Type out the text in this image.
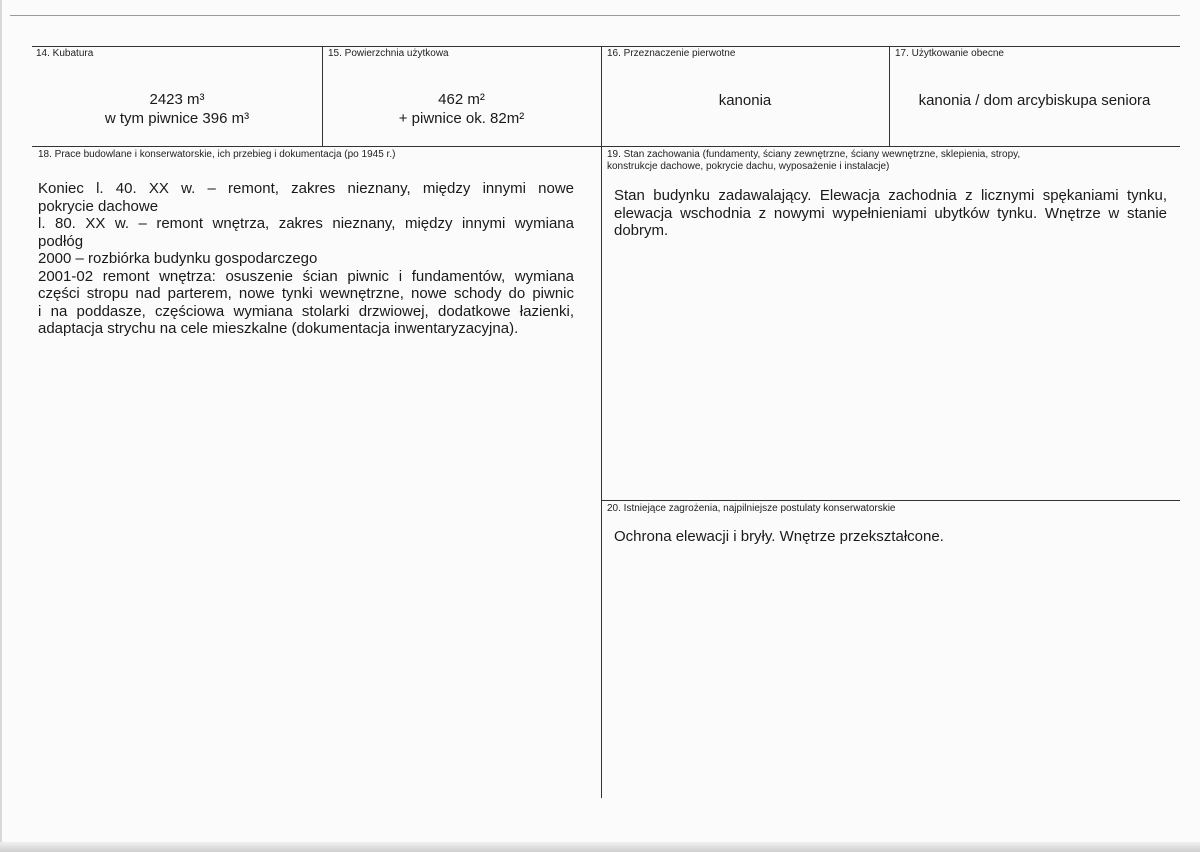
14. Kubatura
2423 m³
w tym piwnice 396 m³
15. Powierzchnia użytkowa
462 m²
+ piwnice ok. 82m²
16. Przeznaczenie pierwotne
kanonia
17. Użytkowanie obecne
kanonia / dom arcybiskupa seniora
18. Prace budowlane i konserwatorskie, ich przebieg i dokumentacja (po 1945 r.)
Koniec l. 40. XX w. – remont, zakres nieznany, między innymi nowe
pokrycie dachowe
l. 80. XX w. – remont wnętrza, zakres nieznany, między innymi wymiana
podłóg
2000 – rozbiórka budynku gospodarczego
2001-02 remont wnętrza: osuszenie ścian piwnic i fundamentów, wymiana
części stropu nad parterem, nowe tynki wewnętrzne, nowe schody do piwnic
i na poddasze, częściowa wymiana stolarki drzwiowej, dodatkowe łazienki,
adaptacja strychu na cele mieszkalne (dokumentacja inwentaryzacyjna).
19. Stan zachowania (fundamenty, ściany zewnętrzne, ściany wewnętrzne, sklepienia, stropy,
konstrukcje dachowe, pokrycie dachu, wyposażenie i instalacje)
Stan budynku zadawalający. Elewacja zachodnia z licznymi spękaniami tynku,
elewacja wschodnia z nowymi wypełnieniami ubytków tynku. Wnętrze w stanie
dobrym.
20. Istniejące zagrożenia, najpilniejsze postulaty konserwatorskie
Ochrona elewacji i bryły. Wnętrze przekształcone.
